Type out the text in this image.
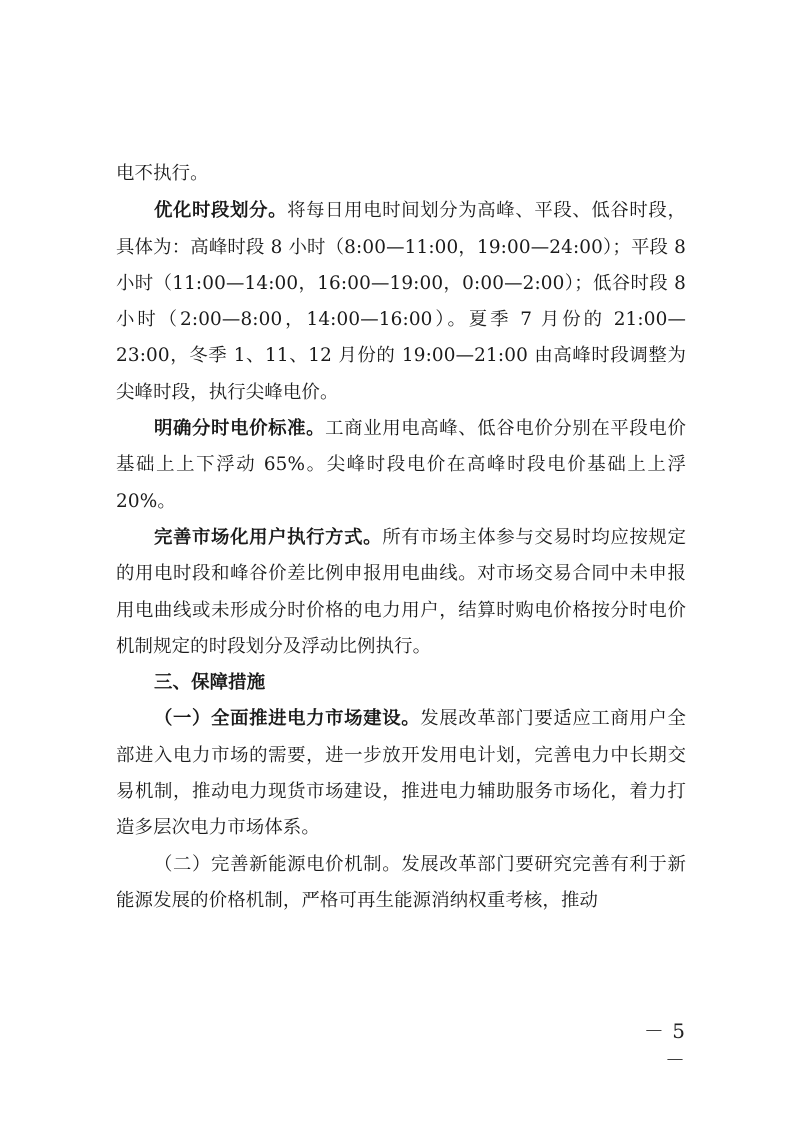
电不执行。

优化时段划分。将每日用电时间划分为高峰、平段、低谷时段，具体为：高峰时段 8 小时（8:00—11:00，19:00—24:00）；平段 8 小时（11:00—14:00，16:00—19:00，0:00—2:00）；低谷时段 8 小时（2:00—8:00，14:00—16:00）。夏季 7 月份的 21:00—23:00，冬季 1、11、12 月份的 19:00—21:00 由高峰时段调整为尖峰时段，执行尖峰电价。

明确分时电价标准。工商业用电高峰、低谷电价分别在平段电价基础上上下浮动 65%。尖峰时段电价在高峰时段电价基础上上浮 20%。

完善市场化用户执行方式。所有市场主体参与交易时均应按规定的用电时段和峰谷价差比例申报用电曲线。对市场交易合同中未申报用电曲线或未形成分时价格的电力用户，结算时购电价格按分时电价机制规定的时段划分及浮动比例执行。

三、保障措施

（一）全面推进电力市场建设。发展改革部门要适应工商用户全部进入电力市场的需要，进一步放开发用电计划，完善电力中长期交易机制，推动电力现货市场建设，推进电力辅助服务市场化，着力打造多层次电力市场体系。

（二）完善新能源电价机制。发展改革部门要研究完善有利于新能源发展的价格机制，严格可再生能源消纳权重考核，推动

－ 5 －
